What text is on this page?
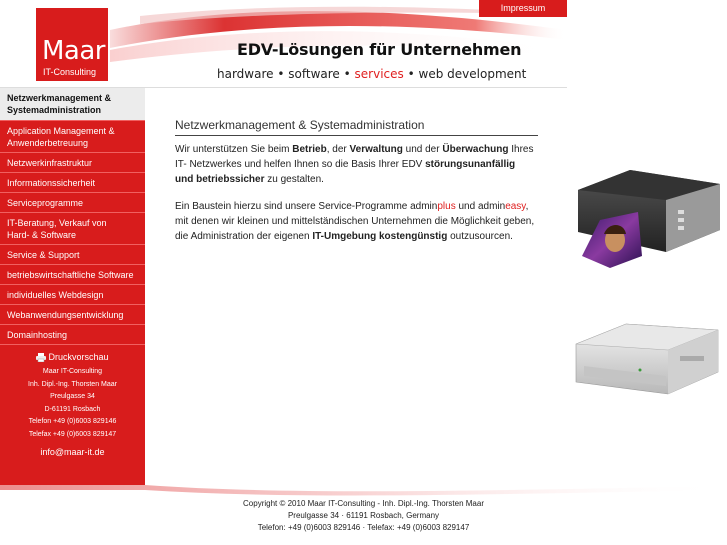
Maar
IT-Consulting
EDV-Lösungen für Unternehmen
hardware • software • services • web development
Impressum
Netzwerkmanagement &
Systemadministration
Application Management &
Anwenderbetreuung
Netzwerkinfrastruktur
Informationssicherheit
Serviceprogramme
IT-Beratung, Verkauf von
Hard- & Software
Service & Support
betriebswirtschaftliche Software
individuelles Webdesign
Webanwendungsentwicklung
Domainhosting
Druckvorschau
Maar IT-Consulting
Inh. Dipl.-Ing. Thorsten Maar
Preulgasse 34
D-61191 Rosbach
Telefon +49 (0)6003 829146
Telefax +49 (0)6003 829147
info@maar-it.de
Netzwerkmanagement & Systemadministration
Wir unterstützen Sie beim Betrieb, der Verwaltung und der Überwachung Ihres IT- Netzwerkes und helfen Ihnen so die Basis Ihrer EDV störungsunanfällig und betriebssicher zu gestalten.
Ein Baustein hierzu sind unsere Service-Programme adminplus und admineasy, mit denen wir kleinen und mittelständischen Unternehmen die Möglichkeit geben, die Administration der eigenen IT-Umgebung kostengünstig outzusourcen.
Copyright © 2010 Maar IT-Consulting - Inh. Dipl.-Ing. Thorsten Maar
Preulgasse 34 · 61191 Rosbach, Germany
Telefon: +49 (0)6003 829146 · Telefax: +49 (0)6003 829147
